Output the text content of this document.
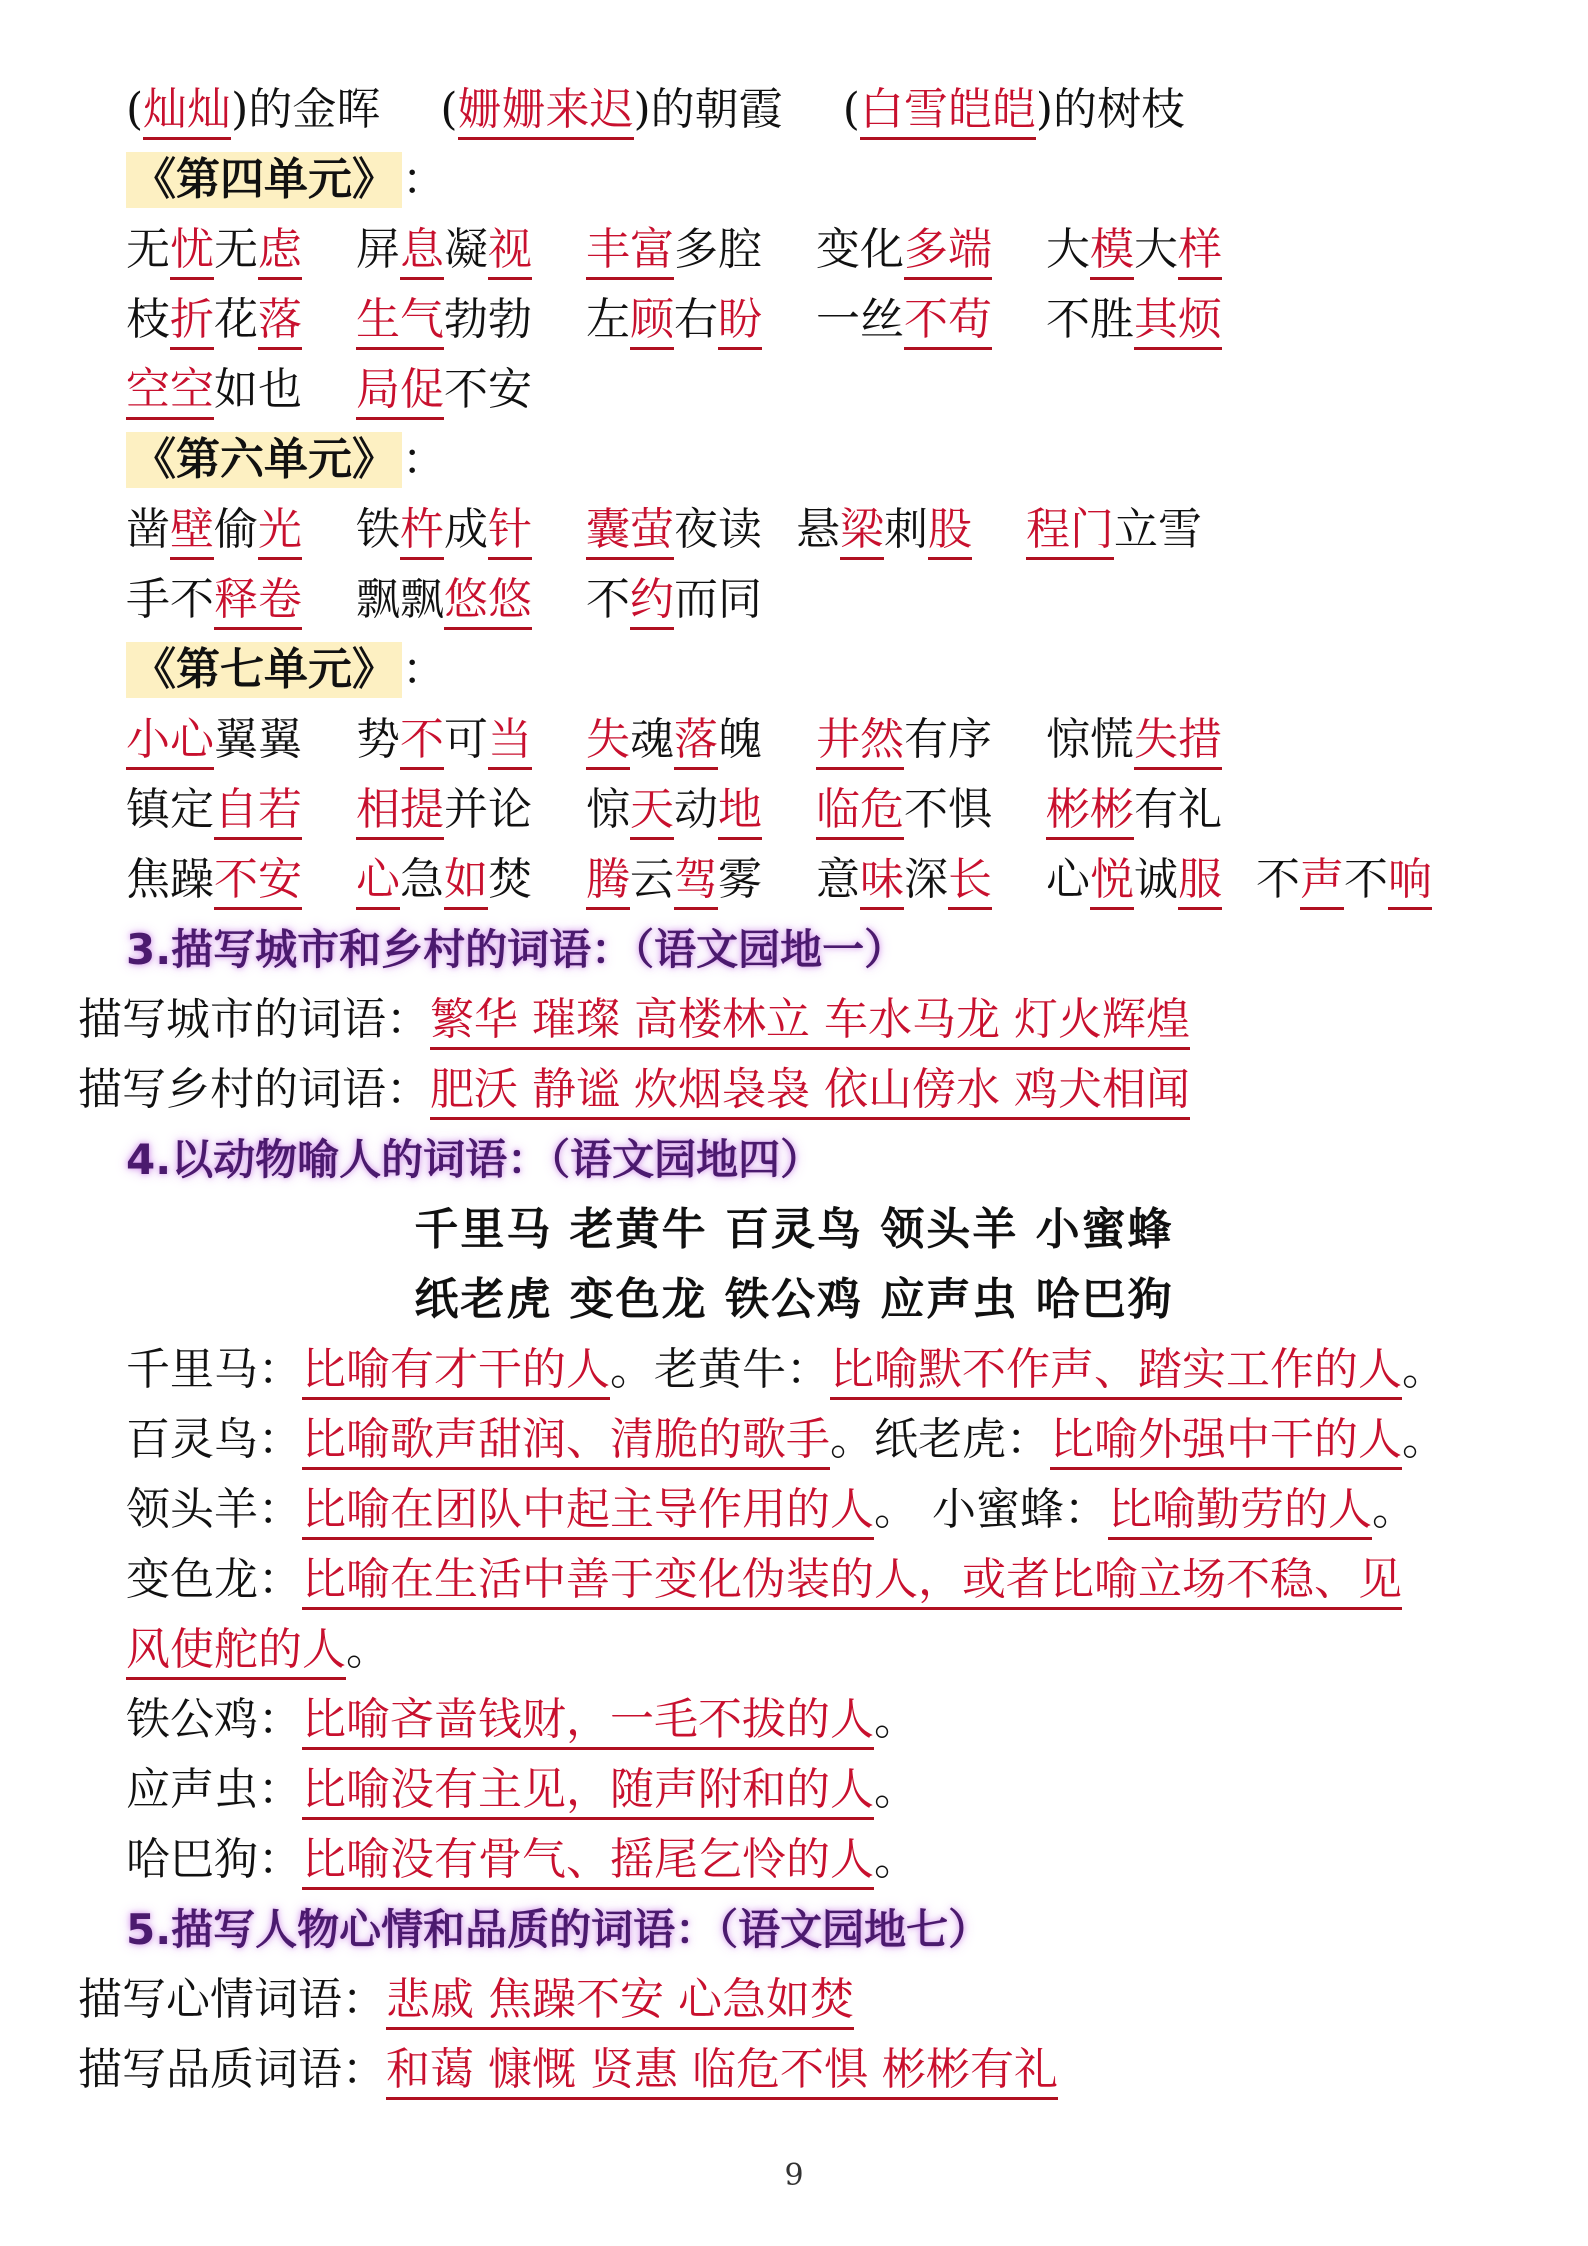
(灿灿)的金晖 (姗姗来迟)的朝霞 (白雪皑皑)的树枝
《第四单元》 ：
无忧无虑 屏息凝视 丰富多腔 变化多端 大模大样
枝折花落 生气勃勃 左顾右盼 一丝不苟 不胜其烦
空空如也 局促不安
《第六单元》 ：
凿壁偷光 铁杵成针 囊萤夜读 悬梁刺股 程门立雪
手不释卷 飘飘悠悠 不约而同
《第七单元》 ：
小心翼翼 势不可当 失魂落魄 井然有序 惊慌失措
镇定自若 相提并论 惊天动地 临危不惧 彬彬有礼
焦躁不安 心急如焚 腾云驾雾 意味深长 心悦诚服 不声不响
3.描写城市和乡村的词语：（语文园地一）
描写城市的词语：繁华 璀璨 高楼林立 车水马龙 灯火辉煌
描写乡村的词语：肥沃 静谧 炊烟袅袅 依山傍水 鸡犬相闻
4.以动物喻人的词语：（语文园地四）
千里马 老黄牛 百灵鸟 领头羊 小蜜蜂
纸老虎 变色龙 铁公鸡 应声虫 哈巴狗
千里马：比喻有才干的人。老黄牛：比喻默不作声、踏实工作的人。
百灵鸟：比喻歌声甜润、清脆的歌手。纸老虎：比喻外强中干的人。
领头羊：比喻在团队中起主导作用的人。 小蜜蜂：比喻勤劳的人。
变色龙：比喻在生活中善于变化伪装的人，或者比喻立场不稳、见
风使舵的人。
铁公鸡：比喻吝啬钱财，一毛不拔的人。
应声虫：比喻没有主见，随声附和的人。
哈巴狗：比喻没有骨气、摇尾乞怜的人。
5.描写人物心情和品质的词语：（语文园地七）
描写心情词语：悲戚 焦躁不安 心急如焚
描写品质词语：和蔼 慷慨 贤惠 临危不惧 彬彬有礼
9
